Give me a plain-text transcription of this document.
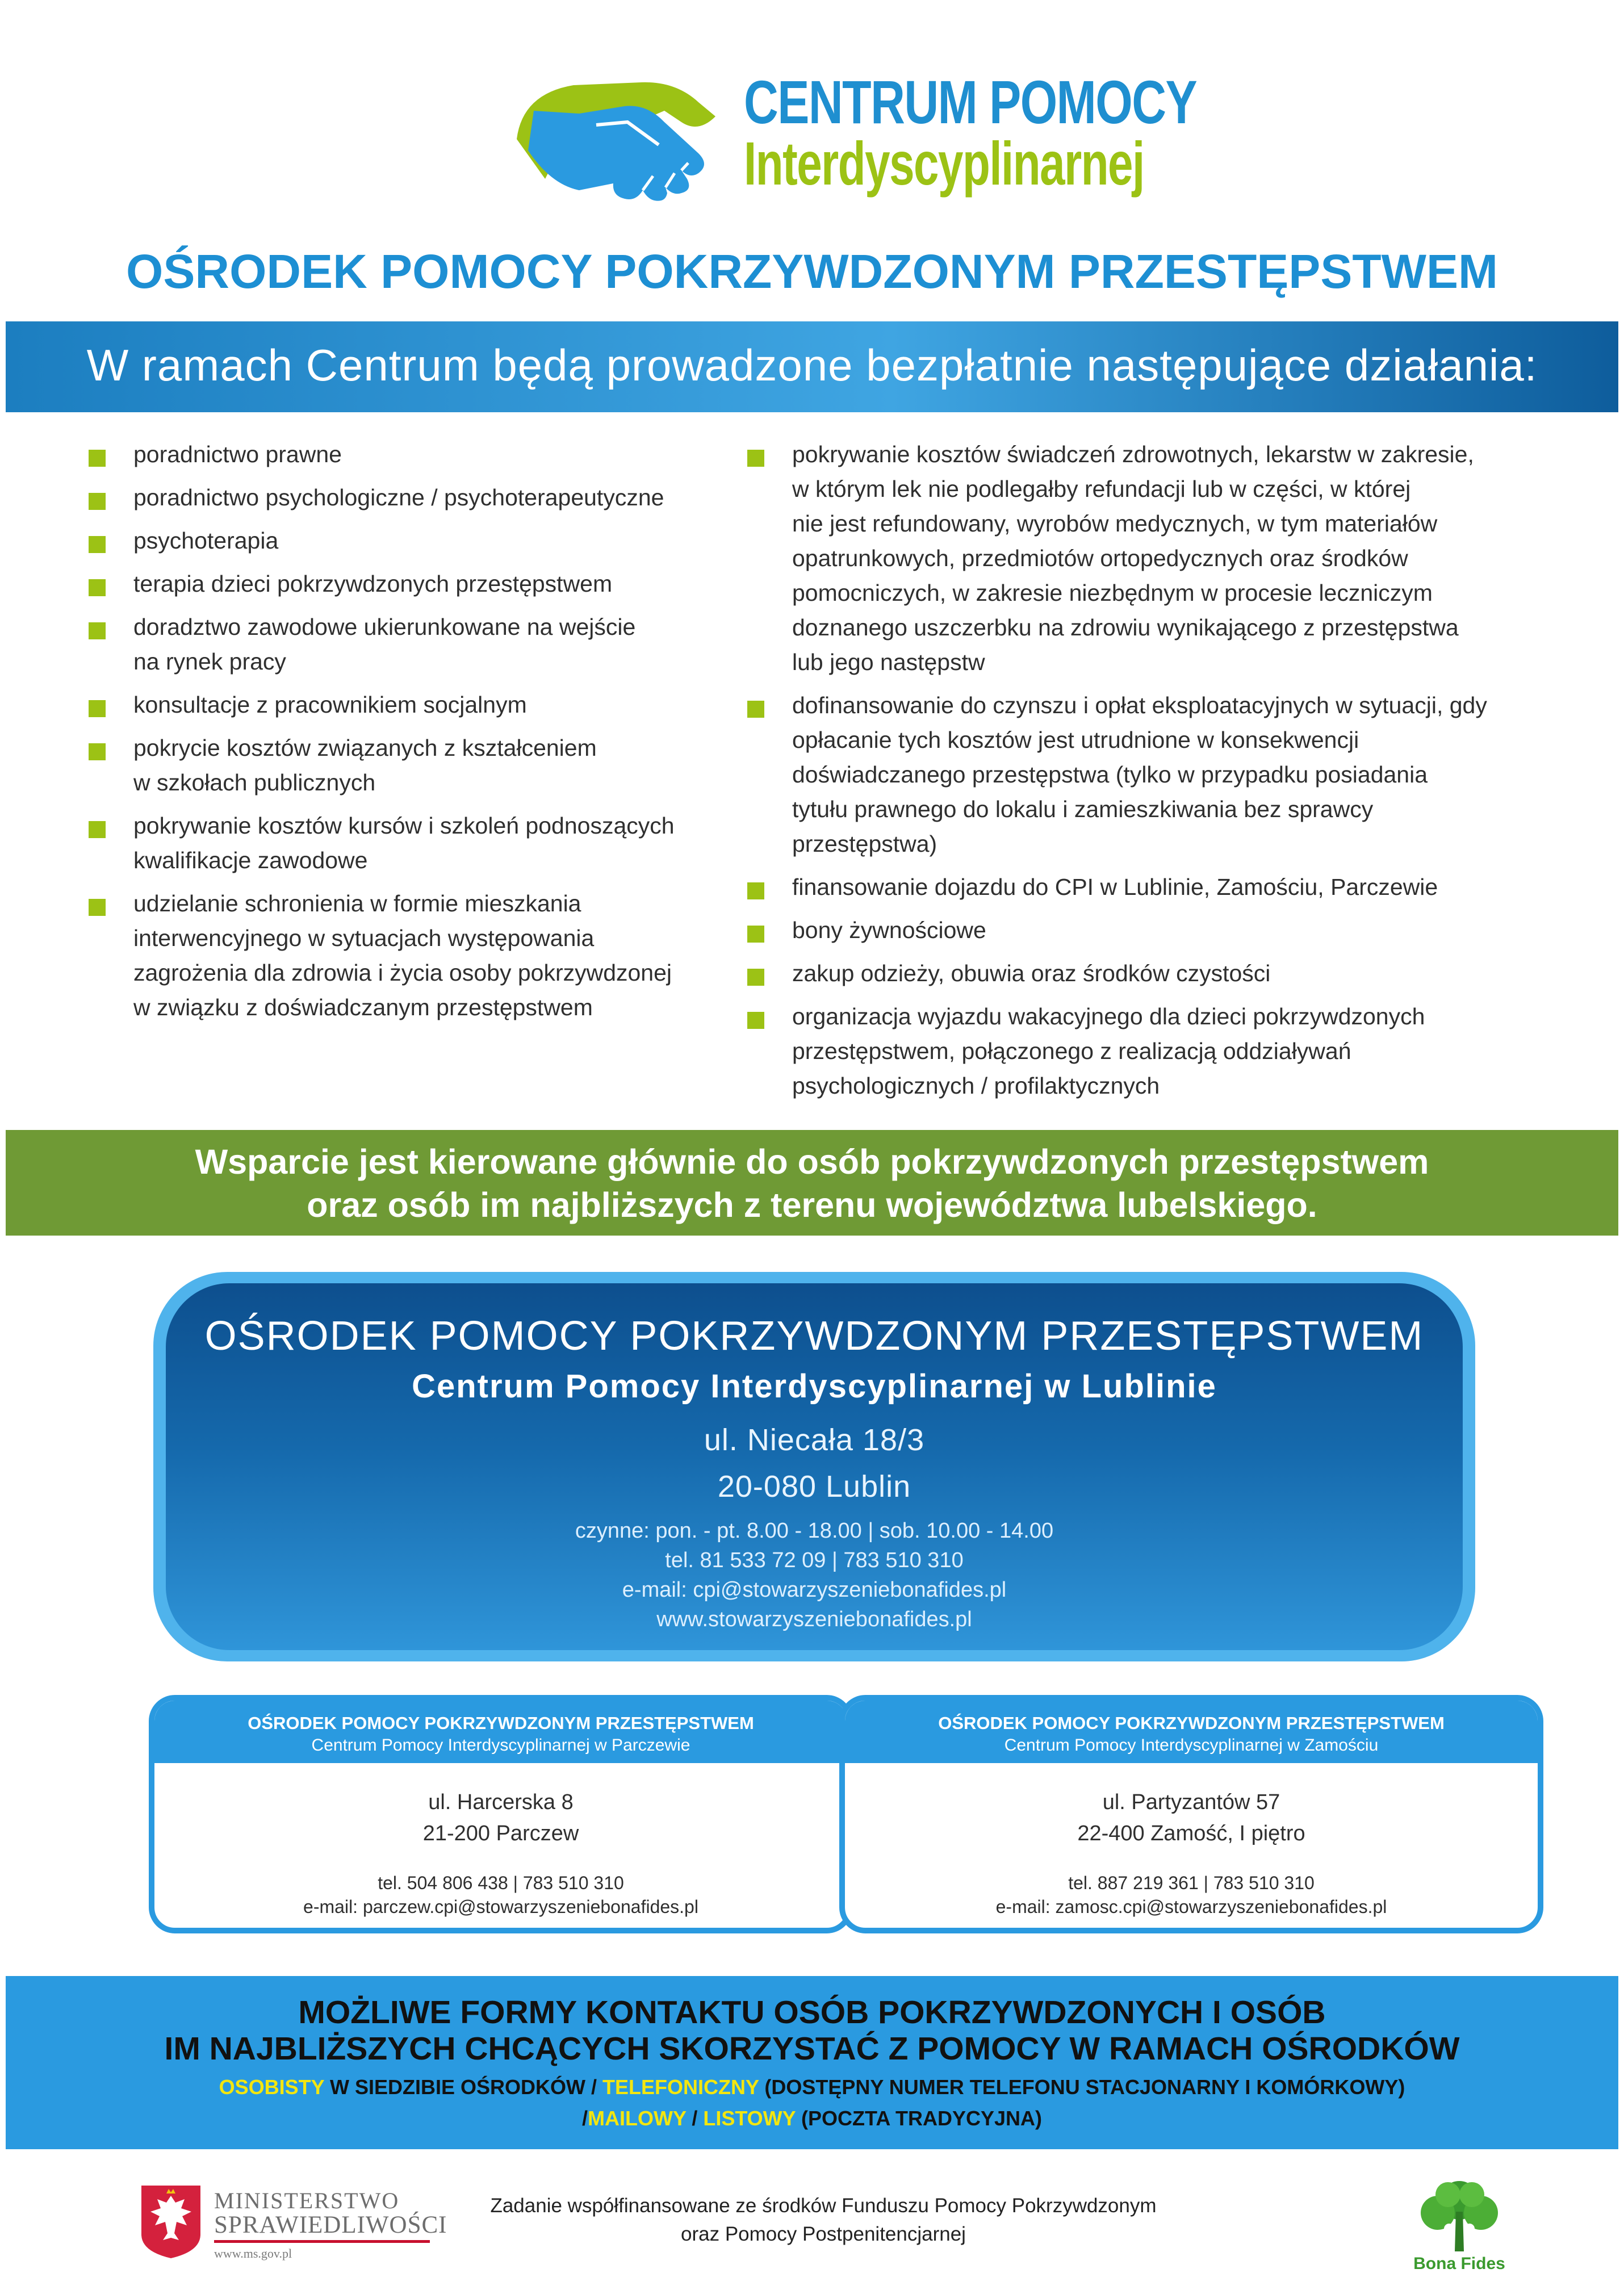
CENTRUM POMOCY
Interdyscyplinarnej
OŚRODEK POMOCY POKRZYWDZONYM PRZESTĘPSTWEM
W ramach Centrum będą prowadzone bezpłatnie następujące działania:
poradnictwo prawne
poradnictwo psychologiczne / psychoterapeutyczne
psychoterapia
terapia dzieci pokrzywdzonych przestępstwem
doradztwo zawodowe ukierunkowane na wejście
na rynek pracy
konsultacje z pracownikiem socjalnym
pokrycie kosztów związanych z kształceniem
w szkołach publicznych
pokrywanie kosztów kursów i szkoleń podnoszących
kwalifikacje zawodowe
udzielanie schronienia w formie mieszkania
interwencyjnego w sytuacjach występowania
zagrożenia dla zdrowia i życia osoby pokrzywdzonej
w związku z doświadczanym przestępstwem
pokrywanie kosztów świadczeń zdrowotnych, lekarstw w zakresie,
w którym lek nie podlegałby refundacji lub w części, w której
nie jest refundowany, wyrobów medycznych, w tym materiałów
opatrunkowych, przedmiotów ortopedycznych oraz środków
pomocniczych, w zakresie niezbędnym w procesie leczniczym
doznanego uszczerbku na zdrowiu wynikającego z przestępstwa
lub jego następstw
dofinansowanie do czynszu i opłat eksploatacyjnych w sytuacji, gdy
opłacanie tych kosztów jest utrudnione w konsekwencji
doświadczanego przestępstwa (tylko w przypadku posiadania
tytułu prawnego do lokalu i zamieszkiwania bez sprawcy
przestępstwa)
finansowanie dojazdu do CPI w Lublinie, Zamościu, Parczewie
bony żywnościowe
zakup odzieży, obuwia oraz środków czystości
organizacja wyjazdu wakacyjnego dla dzieci pokrzywdzonych
przestępstwem, połączonego z realizacją oddziaływań
psychologicznych / profilaktycznych
Wsparcie jest kierowane głównie do osób pokrzywdzonych przestępstwem
oraz osób im najbliższych z terenu województwa lubelskiego.
OŚRODEK POMOCY POKRZYWDZONYM PRZESTĘPSTWEM
Centrum Pomocy Interdyscyplinarnej w Lublinie
ul. Niecała 18/3
20-080 Lublin
czynne: pon. - pt. 8.00 - 18.00 | sob. 10.00 - 14.00
tel. 81 533 72 09 | 783 510 310
e-mail: cpi@stowarzyszeniebonafides.pl
www.stowarzyszeniebonafides.pl
OŚRODEK POMOCY POKRZYWDZONYM PRZESTĘPSTWEM
Centrum Pomocy Interdyscyplinarnej w Parczewie
ul. Harcerska 8
21-200 Parczew
tel. 504 806 438 | 783 510 310
e-mail: parczew.cpi@stowarzyszeniebonafides.pl
OŚRODEK POMOCY POKRZYWDZONYM PRZESTĘPSTWEM
Centrum Pomocy Interdyscyplinarnej w Zamościu
ul. Partyzantów 57
22-400 Zamość, I piętro
tel. 887 219 361 | 783 510 310
e-mail: zamosc.cpi@stowarzyszeniebonafides.pl
MOŻLIWE FORMY KONTAKTU OSÓB POKRZYWDZONYCH I OSÓB
IM NAJBLIŻSZYCH CHCĄCYCH SKORZYSTAĆ Z POMOCY W RAMACH OŚRODKÓW
OSOBISTY W SIEDZIBIE OŚRODKÓW / TELEFONICZNY (DOSTĘPNY NUMER TELEFONU STACJONARNY I KOMÓRKOWY)
/MAILOWY / LISTOWY (POCZTA TRADYCYJNA)
MINISTERSTWO
SPRAWIEDLIWOŚCI
www.ms.gov.pl
Zadanie współfinansowane ze środków Funduszu Pomocy Pokrzywdzonym
oraz Pomocy Postpenitencjarnej
Bona Fides
